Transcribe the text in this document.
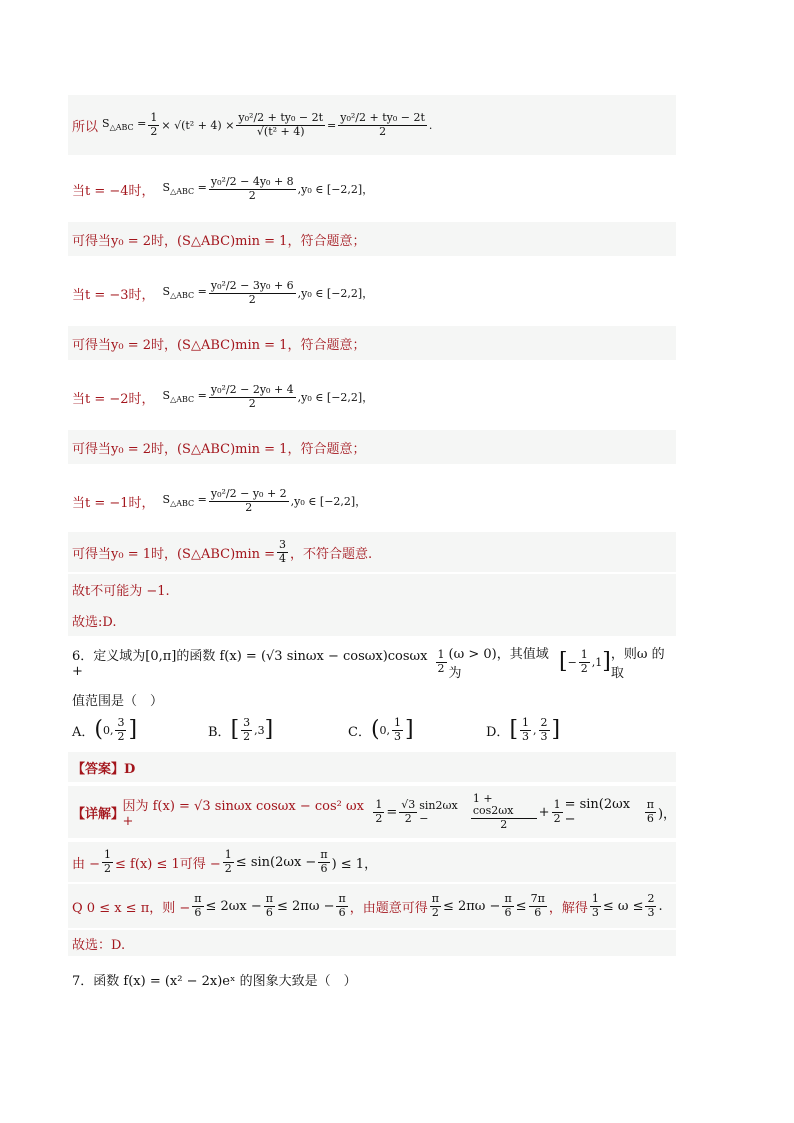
所以 $S_{\triangle ABC} = \frac{1}{2} \times √(t^2 + 4) \times \frac{\text{y₀²/2 + ty₀ − 2t}}{\text{√(t² + 4)}} = \frac{\text{y₀²/2 + ty₀ − 2t}}{2}$ .
当t = −4时， $S_{\triangle ABC} = \frac{\text{y₀²/2 − 4y₀ + 8}}{2} ,y_0$ ∈ [−2,2]，
可得当y₀ = 2时，(S△ABC)min = 1，符合题意；
当t = −3时， $S_{\triangle ABC} = \frac{\text{y₀²/2 − 3y₀ + 6}}{2} ,y_0$ ∈ [−2,2]，
可得当y₀ = 2时，(S△ABC)min = 1，符合题意；
当t = −2时， $S_{\triangle ABC} = \frac{\text{y₀²/2 − 2y₀ + 4}}{2} ,y_0$ ∈ [−2,2]，
可得当y₀ = 2时，(S△ABC)min = 1，符合题意；
当t = −1时， $S_{\triangle ABC} = \frac{\text{y₀²/2 − y₀ + 2}}{2} ,y_0$ ∈ [−2,2]，
可得当y₀ = 1时，(S△ABC)min = $\frac{3}{4}$ ，不符合题意.
故t不可能为 −1.
故选:D.
6．定义域为[0,π]的函数 f(x) = (√3 sinωx − cosωx)cosωx +	$\frac{1}{2} (\omega > 0)$，其值域为	[ − $\frac{1}{2} ,1$ ] ，则ω 的取
值范围是（　）
A． ( 0, $\frac{3}{2}$ ]	B． [ $\frac{3}{2} ,3$ ]	C． ( 0, $\frac{1}{3}$ ]	D． [ $\frac{1}{3}$ , $\frac{2}{3}$ ]
【答案】D
【详解】
因为 f(x) = √3 sinωx cosωx − cos² ωx +	$\frac{1}{2} = \frac{√3}{2} \sin 2\omega x$ −	$\frac{1 + \cos 2\omega x}{2} + \frac{1}{2} = \sin(2\omega x$ −	$\frac{\pi}{6}$ )，
由 − $\frac{1}{2} \le f(x) \le 1$可得 − $\frac{1}{2} \le \sin(2\omega x - \frac{\pi}{6}$ ) ≤ 1，
Q 0 ≤ x ≤ π，则 − $\frac{\pi}{6} \le 2\omega x - \frac{\pi}{6} \le 2\pi\omega - \frac{\pi}{6}$ ，由题意可得 $\frac{\pi}{2} \le 2\pi\omega - \frac{\pi}{6} \le \frac{7\pi}{6}$ ，解得 $\frac{1}{3} \le \omega \le \frac{2}{3}$ .
故选：D.
7．函数 f(x) = (x² − 2x)eˣ 的图象大致是（　）
